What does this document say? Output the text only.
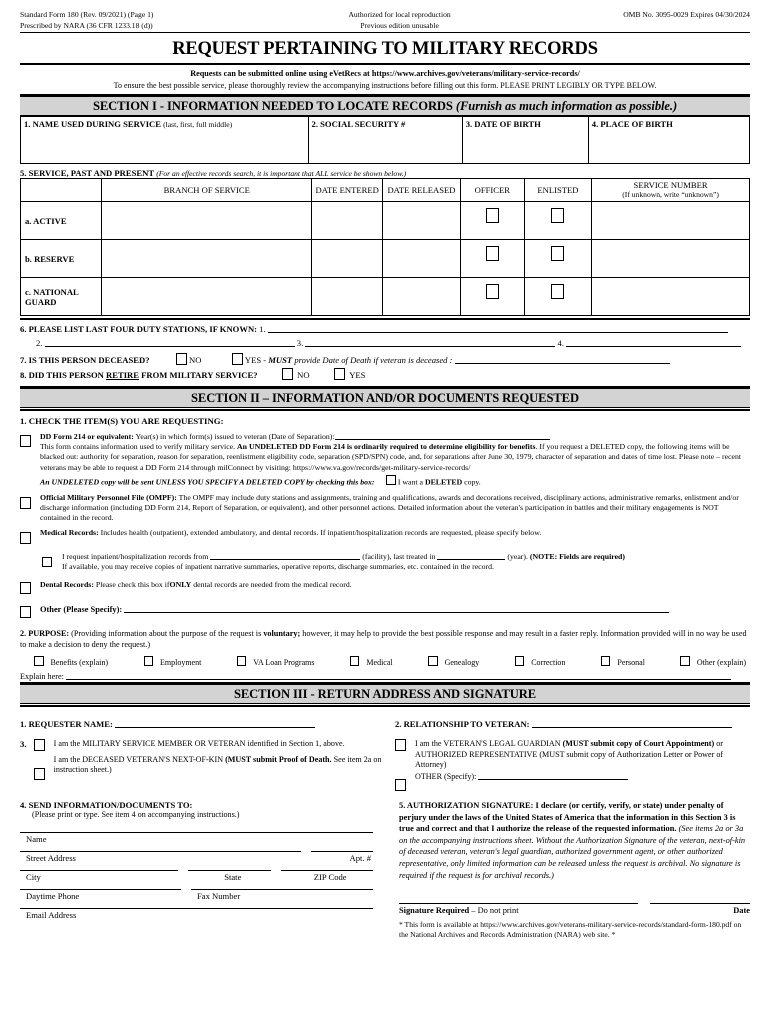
Standard Form 180 (Rev. 09/2021) (Page 1)
Prescribed by NARA (36 CFR 1233.18 (d))
Authorized for local reproduction
Previous edition unusable
OMB No. 3095-0029 Expires 04/30/2024
REQUEST PERTAINING TO MILITARY RECORDS
Requests can be submitted online using eVetRecs at https://www.archives.gov/veterans/military-service-records/
To ensure the best possible service, please thoroughly review the accompanying instructions before filling out this form. PLEASE PRINT LEGIBLY OR TYPE BELOW.
SECTION I - INFORMATION NEEDED TO LOCATE RECORDS (Furnish as much information as possible.)
1. NAME USED DURING SERVICE (last, first, full middle)	2. SOCIAL SECURITY #	3. DATE OF BIRTH	4. PLACE OF BIRTH
5. SERVICE, PAST AND PRESENT (For an effective records search, it is important that ALL service be shown below.)
	BRANCH OF SERVICE	DATE ENTERED	DATE RELEASED	OFFICER	ENLISTED	SERVICE NUMBER
(If unknown, write “unknown”)

a. ACTIVE				

b. RESERVE				

c. NATIONAL GUARD				

6. PLEASE LIST LAST FOUR DUTY STATIONS, IF KNOWN: 1.
2.	3.	4.
7. IS THIS PERSON DECEASED?	NO	YES - MUST provide Date of Death if veteran is deceased :
8. DID THIS PERSON RETIRE FROM MILITARY SERVICE?	NO	YES
SECTION II – INFORMATION AND/OR DOCUMENTS REQUESTED
1. CHECK THE ITEM(S) YOU ARE REQUESTING:
DD Form 214 or equivalent: Year(s) in which form(s) issued to veteran (Date of Separation):
This form contains information used to verify military service. An UNDELETED DD Form 214 is ordinarily required to determine eligibility for benefits. If you request a DELETED copy, the following items will be blacked out: authority for separation, reason for separation, reenlistment eligibility code, separation (SPD/SPN) code, and, for separations after June 30, 1979, character of separation and dates of time lost. Please note – recent veterans may be able to request a DD Form 214 through milConnect by visiting: https://www.va.gov/records/get-military-service-records/
An UNDELETED copy will be sent UNLESS YOU SPECIFY A DELETED COPY by checking this box:	I want a DELETED copy.
Official Military Personnel File (OMPF): The OMPF may include duty stations and assignments, training and qualifications, awards and decorations received, disciplinary actions, administrative remarks, enlistment and/or discharge information (including DD Form 214, Report of Separation, or equivalent), and other personnel actions. Detailed information about the veteran's participation in battles and their military engagements is NOT contained in the record.
Medical Records: Includes health (outpatient), extended ambulatory, and dental records. If inpatient/hospitalization records are requested, please specify below.
I request inpatient/hospitalization records from	(facility), last treated in	(year). (NOTE: Fields are required)
If available, you may receive copies of inpatient narrative summaries, operative reports, discharge summaries, etc. contained in the record.
Dental Records: Please check this box ifONLY dental records are needed from the medical record.
Other (Please Specify):
2. PURPOSE: (Providing information about the purpose of the request is voluntary; however, it may help to provide the best possible response and may result in a faster reply. Information provided will in no way be used to make a decision to deny the request.)
Benefits (explain)	Employment	VA Loan Programs	Medical	Genealogy	Correction	Personal	Other (explain)
Explain here:
SECTION III - RETURN ADDRESS AND SIGNATURE
1. REQUESTER NAME:	2. RELATIONSHIP TO VETERAN:
3.	I am the MILITARY SERVICE MEMBER OR VETERAN identified in Section 1, above.
I am the DECEASED VETERAN'S NEXT-OF-KIN (MUST submit Proof of Death. See item 2a on instruction sheet.)
I am the VETERAN'S LEGAL GUARDIAN (MUST submit copy of Court Appointment) or AUTHORIZED REPRESENTATIVE (MUST submit copy of Authorization Letter or Power of Attorney)
OTHER (Specify):
4. SEND INFORMATION/DOCUMENTS TO:
(Please print or type. See item 4 on accompanying instructions.)
Name
Street Address	Apt. #
City	State	ZIP Code
Daytime Phone	Fax Number
Email Address
5. AUTHORIZATION SIGNATURE: I declare (or certify, verify, or state) under penalty of perjury under the laws of the United States of America that the information in this Section 3 is true and correct and that I authorize the release of the requested information. (See items 2a or 3a on the accompanying instructions sheet. Without the Authorization Signature of the veteran, next-of-kin of deceased veteran, veteran's legal guardian, authorized government agent, or other authorized representative, only limited information can be released unless the request is archival. No signature is required if the request is for archival records.)
Signature Required – Do not print	Date
* This form is available at https://www.archives.gov/veterans-military-service-records/standard-form-180.pdf on the National Archives and Records Administration (NARA) web site. *
